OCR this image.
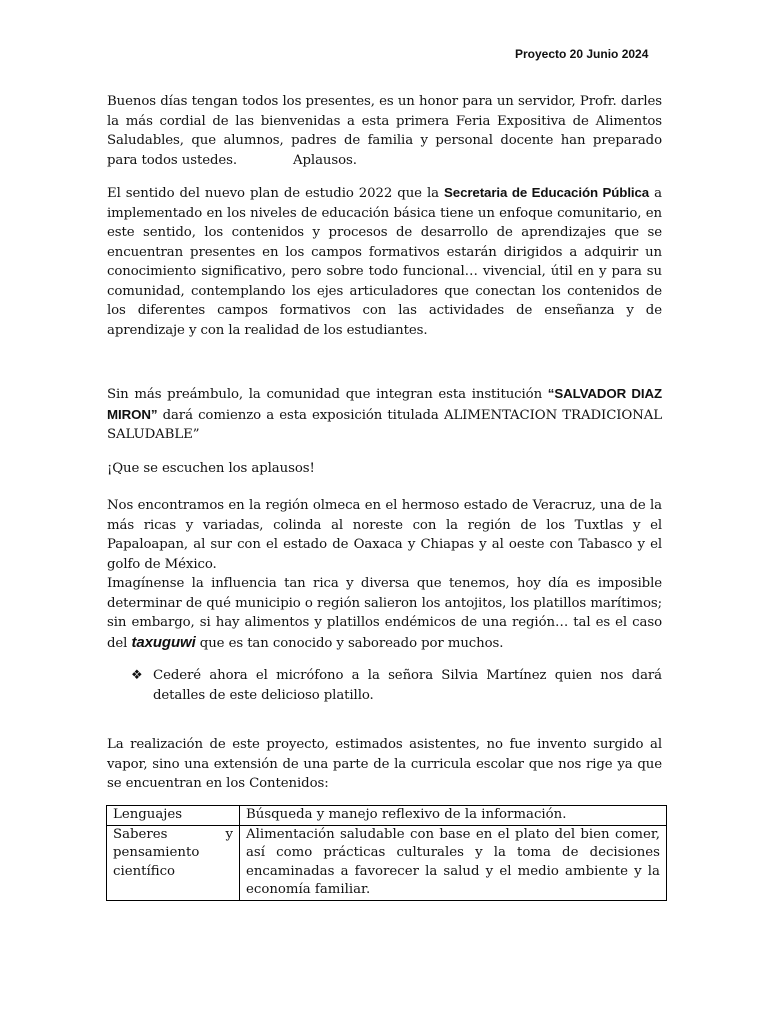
Proyecto 20 Junio 2024

Buenos días tengan todos los presentes, es un honor para un servidor, Profr. darles la más cordial de las bienvenidas a esta primera Feria Expositiva de Alimentos Saludables, que alumnos, padres de familia y personal docente han preparado para todos ustedes.	Aplausos.

El sentido del nuevo plan de estudio 2022 que la Secretaria de Educación Pública a implementado en los niveles de educación básica tiene un enfoque comunitario, en este sentido, los contenidos y procesos de desarrollo de aprendizajes que se encuentran presentes en los campos formativos estarán dirigidos a adquirir un conocimiento significativo, pero sobre todo funcional… vivencial, útil en y para su comunidad, contemplando los ejes articuladores que conectan los contenidos de los diferentes campos formativos con las actividades de enseñanza y de aprendizaje y con la realidad de los estudiantes.

Sin más preámbulo, la comunidad que integran esta institución “SALVADOR DIAZ MIRON” dará comienzo a esta exposición titulada ALIMENTACION TRADICIONAL SALUDABLE”

¡Que se escuchen los aplausos!

Nos encontramos en la región olmeca en el hermoso estado de Veracruz, una de la más ricas y variadas, colinda al noreste con la región de los Tuxtlas y el Papaloapan, al sur con el estado de Oaxaca y Chiapas y al oeste con Tabasco y el golfo de México.

Imagínense la influencia tan rica y diversa que tenemos, hoy día es imposible determinar de qué municipio o región salieron los antojitos, los platillos marítimos; sin embargo, si hay alimentos y platillos endémicos de una región… tal es el caso del taxuguwi que es tan conocido y saboreado por muchos.

❖ Cederé ahora el micrófono a la señora Silvia Martínez quien nos dará detalles de este delicioso platillo.

La realización de este proyecto, estimados asistentes, no fue invento surgido al vapor, sino una extensión de una parte de la curricula escolar que nos rige ya que se encuentran en los Contenidos:

Lenguajes	Búsqueda y manejo reflexivo de la información.
Saberes y pensamiento científico	Alimentación saludable con base en el plato del bien comer, así como prácticas culturales y la toma de decisiones encaminadas a favorecer la salud y el medio ambiente y la economía familiar.
